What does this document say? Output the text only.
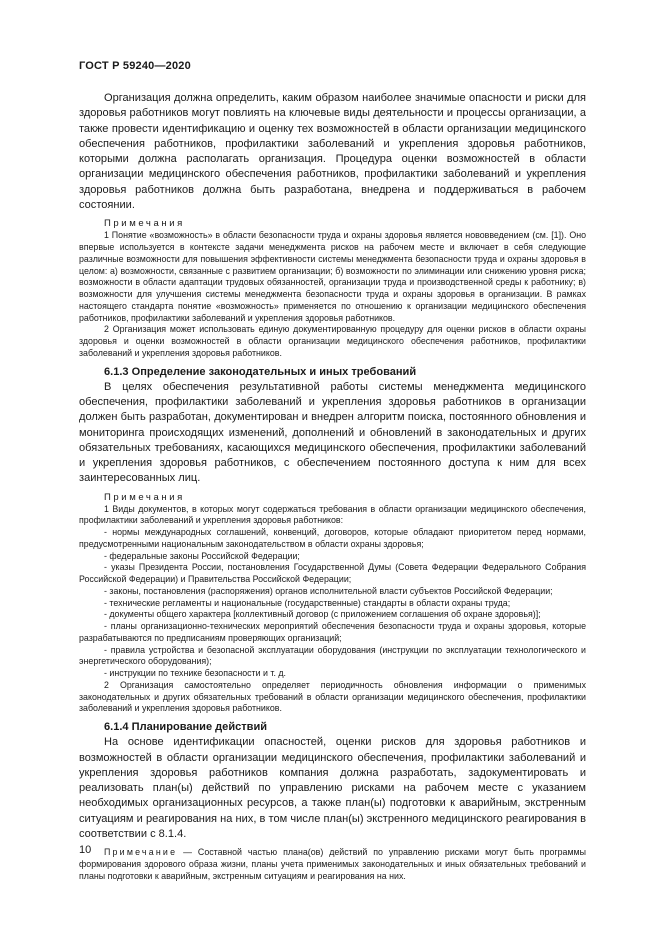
ГОСТ Р 59240—2020

Организация должна определить, каким образом наиболее значимые опасности и риски для здоровья работников могут повлиять на ключевые виды деятельности и процессы организации, а также провести идентификацию и оценку тех возможностей в области организации медицинского обеспечения работников, профилактики заболеваний и укрепления здоровья работников, которыми должна располагать организация. Процедура оценки возможностей в области организации медицинского обеспечения работников, профилактики заболеваний и укрепления здоровья работников должна быть разработана, внедрена и поддерживаться в рабочем состоянии.

Примечания

1 Понятие «возможность» в области безопасности труда и охраны здоровья является нововведением (см. [1]). Оно впервые используется в контексте задачи менеджмента рисков на рабочем месте и включает в себя следующие различные возможности для повышения эффективности системы менеджмента безопасности труда и охраны здоровья в целом: а) возможности, связанные с развитием организации; б) возможности по элиминации или снижению уровня риска; возможности в области адаптации трудовых обязанностей, организации труда и производственной среды к работнику; в) возможности для улучшения системы менеджмента безопасности труда и охраны здоровья в организации. В рамках настоящего стандарта понятие «возможность» применяется по отношению к организации медицинского обеспечения работников, профилактики заболеваний и укрепления здоровья работников.

2 Организация может использовать единую документированную процедуру для оценки рисков в области охраны здоровья и оценки возможностей в области организации медицинского обеспечения работников, профилактики заболеваний и укрепления здоровья работников.

6.1.3 Определение законодательных и иных требований

В целях обеспечения результативной работы системы менеджмента медицинского обеспечения, профилактики заболеваний и укрепления здоровья работников в организации должен быть разработан, документирован и внедрен алгоритм поиска, постоянного обновления и мониторинга происходящих изменений, дополнений и обновлений в законодательных и других обязательных требованиях, касающихся медицинского обеспечения, профилактики заболеваний и укрепления здоровья работников, с обеспечением постоянного доступа к ним для всех заинтересованных лиц.

Примечания

1 Виды документов, в которых могут содержаться требования в области организации медицинского обеспечения, профилактики заболеваний и укрепления здоровья работников:

- нормы международных соглашений, конвенций, договоров, которые обладают приоритетом перед нормами, предусмотренными национальным законодательством в области охраны здоровья;

- федеральные законы Российской Федерации;

- указы Президента России, постановления Государственной Думы (Совета Федерации Федерального Собрания Российской Федерации) и Правительства Российской Федерации;

- законы, постановления (распоряжения) органов исполнительной власти субъектов Российской Федерации;

- технические регламенты и национальные (государственные) стандарты в области охраны труда;

- документы общего характера [коллективный договор (с приложением соглашения об охране здоровья)];

- планы организационно-технических мероприятий обеспечения безопасности труда и охраны здоровья, которые разрабатываются по предписаниям проверяющих организаций;

- правила устройства и безопасной эксплуатации оборудования (инструкции по эксплуатации технологического и энергетического оборудования);

- инструкции по технике безопасности и т. д.

2 Организация самостоятельно определяет периодичность обновления информации о применимых законодательных и других обязательных требований в области организации медицинского обеспечения, профилактики заболеваний и укрепления здоровья работников.

6.1.4 Планирование действий

На основе идентификации опасностей, оценки рисков для здоровья работников и возможностей в области организации медицинского обеспечения, профилактики заболеваний и укрепления здоровья работников компания должна разработать, задокументировать и реализовать план(ы) действий по управлению рисками на рабочем месте с указанием необходимых организационных ресурсов, а также план(ы) подготовки к аварийным, экстренным ситуациям и реагирования на них, в том числе план(ы) экстренного медицинского реагирования в соответствии с 8.1.4.

Примечание — Составной частью плана(ов) действий по управлению рисками могут быть программы формирования здорового образа жизни, планы учета применимых законодательных и иных обязательных требований и планы подготовки к аварийным, экстренным ситуациям и реагирования на них.

10
